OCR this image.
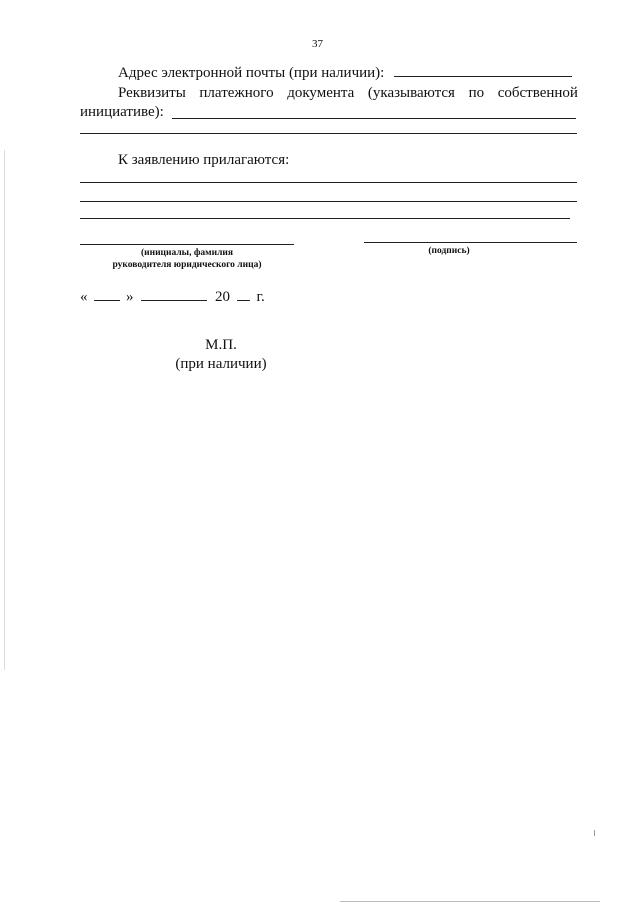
37
Адрес электронной почты (при наличии):
Реквизиты платежного документа (указываются по собственной
инициативе):
К заявлению прилагаются:
(инициалы, фамилия
руководителя юридического лица)
(подпись)
«	»	20 г.
М.П.
(при наличии)
